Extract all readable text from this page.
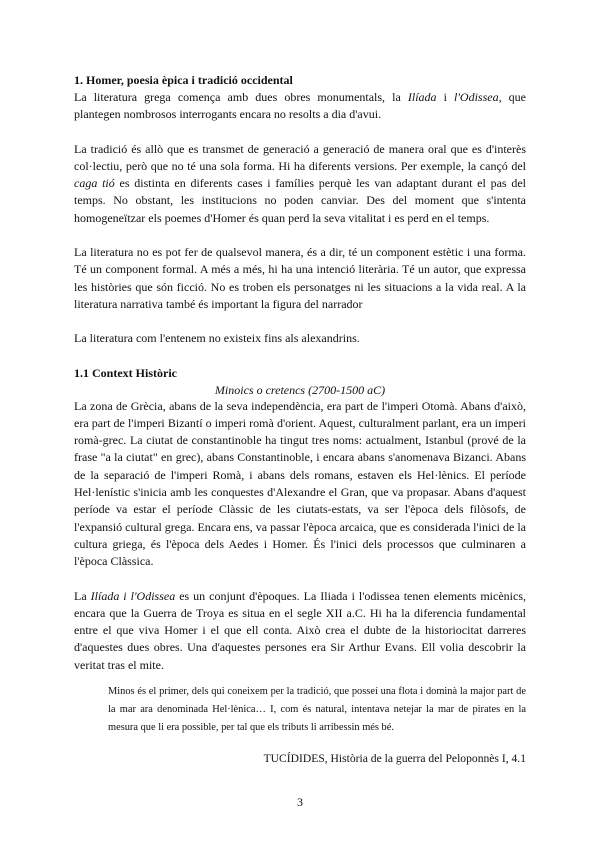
1. Homer, poesia èpica i tradició occidental

La literatura grega comença amb dues obres monumentals, la Ilíada i l'Odissea, que plantegen nombrosos interrogants encara no resolts a dia d'avui.

La tradició és allò que es transmet de generació a generació de manera oral que es d'interès col·lectiu, però que no té una sola forma. Hi ha diferents versions. Per exemple, la cançó del caga tió es distinta en diferents cases i famílies perquè les van adaptant durant el pas del temps. No obstant, les institucions no poden canviar. Des del moment que s'intenta homogeneïtzar els poemes d'Homer és quan perd la seva vitalitat i es perd en el temps.

La literatura no es pot fer de qualsevol manera, és a dir, té un component estètic i una forma. Té un component formal. A més a més, hi ha una intenció literària. Té un autor, que expressa les històries que són ficció. No es troben els personatges ni les situacions a la vida real. A la literatura narrativa també és important la figura del narrador

La literatura com l'entenem no existeix fins als alexandrins.

1.1 Context Històric
Minoics o cretencs (2700-1500 aC)

La zona de Grècia, abans de la seva independència, era part de l'imperi Otomà. Abans d'això, era part de l'imperi Bizantí o imperi romà d'orient. Aquest, culturalment parlant, era un imperi romà-grec. La ciutat de constantinoble ha tingut tres noms: actualment, Istanbul (prové de la frase "a la ciutat" en grec), abans Constantinoble, i encara abans s'anomenava Bizanci. Abans de la separació de l'imperi Romà, i abans dels romans, estaven els Hel·lènics. El període Hel·lenístic s'inicia amb les conquestes d'Alexandre el Gran, que va propasar. Abans d'aquest període va estar el període Clàssic de les ciutats-estats, va ser l'època dels filòsofs, de l'expansió cultural grega. Encara ens, va passar l'època arcaica, que es considerada l'inici de la cultura griega, és l'època dels Aedes i Homer. És l'inici dels processos que culminaren a l'època Clàssica.

La Ilíada i l'Odissea es un conjunt d'èpoques. La Iliada i l'odissea tenen elements micènics, encara que la Guerra de Troya es situa en el segle XII a.C. Hi ha la diferencia fundamental entre el que viva Homer i el que ell conta. Això crea el dubte de la historiocitat darreres d'aquestes dues obres. Una d'aquestes persones era Sir Arthur Evans. Ell volia descobrir la veritat tras el mite.

Minos és el primer, dels qui coneixem per la tradició, que posseí una flota i dominà la major part de la mar ara denominada Hel·lènica… I, com és natural, intentava netejar la mar de pirates en la mesura que li era possible, per tal que els tributs li arribessin més bé.

TUCÍDIDES, Història de la guerra del Peloponnès I, 4.1

3
